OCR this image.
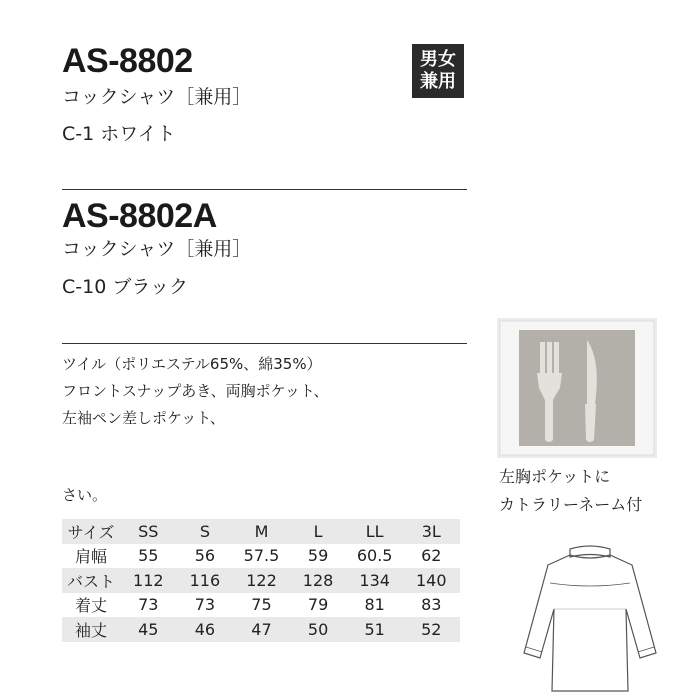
AS-8802
コックシャツ［兼用］
C-1 ホワイト
男女
兼用
AS-8802A
コックシャツ［兼用］
C-10 ブラック
ツイル（ポリエステル65%、綿35%）
フロントスナップあき、両胸ポケット、
左袖ペン差しポケット、
さい。
左胸ポケットに
カトラリーネーム付
サイズ	SS	S	M	L	LL	3L
肩幅	55	56	57.5	59	60.5	62
バスト	112	116	122	128	134	140
着丈	73	73	75	79	81	83
袖丈	45	46	47	50	51	52
